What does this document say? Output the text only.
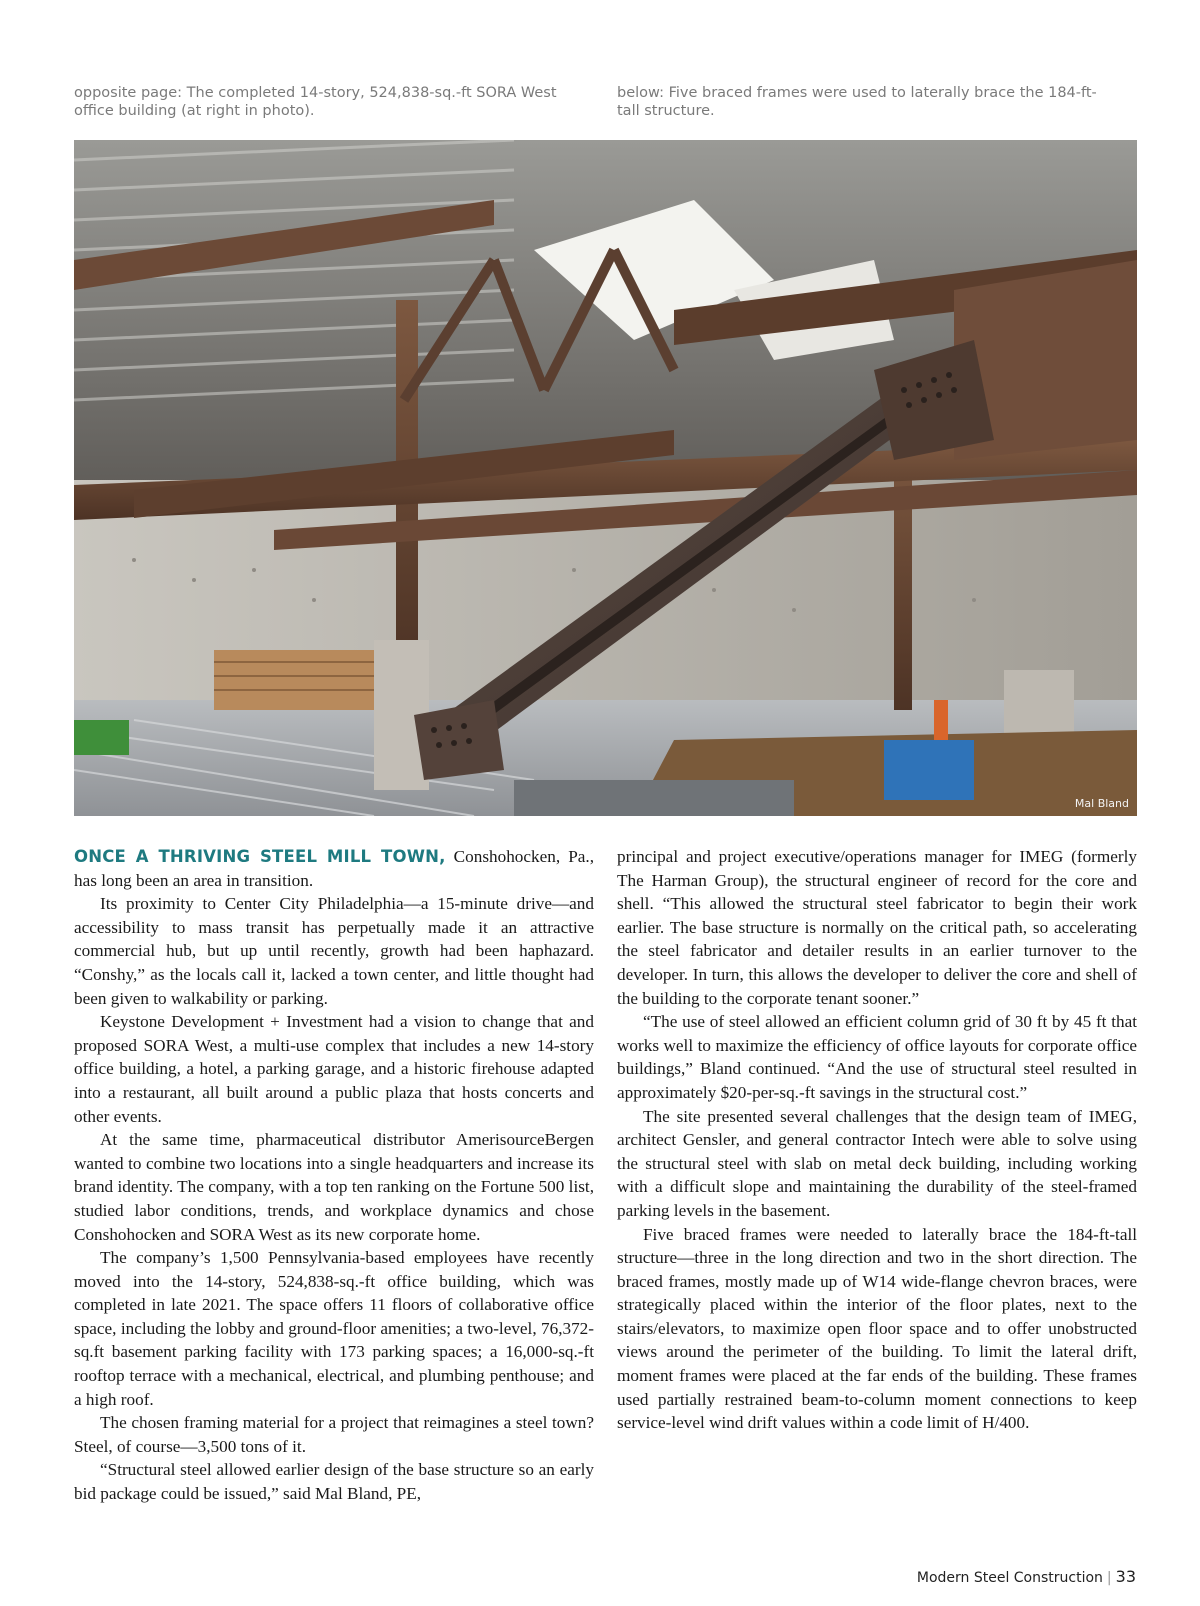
opposite page: The completed 14-story, 524,838-sq.-ft SORA West office building (at right in photo).
below: Five braced frames were used to laterally brace the 184-ft-tall structure.
Mal Bland

ONCE A THRIVING STEEL MILL TOWN, Conshohocken, Pa., has long been an area in transition.

Its proximity to Center City Philadelphia—a 15-minute drive—and accessibility to mass transit has perpetually made it an attractive commercial hub, but up until recently, growth had been haphazard. “Conshy,” as the locals call it, lacked a town center, and little thought had been given to walkability or parking.

Keystone Development + Investment had a vision to change that and proposed SORA West, a multi-use complex that includes a new 14-story office building, a hotel, a parking garage, and a historic firehouse adapted into a restaurant, all built around a public plaza that hosts concerts and other events.

At the same time, pharmaceutical distributor AmerisourceBergen wanted to combine two locations into a single headquarters and increase its brand identity. The company, with a top ten ranking on the Fortune 500 list, studied labor conditions, trends, and workplace dynamics and chose Conshohocken and SORA West as its new corporate home.

The company’s 1,500 Pennsylvania-based employees have recently moved into the 14-story, 524,838-sq.-ft office building, which was completed in late 2021. The space offers 11 floors of collaborative office space, including the lobby and ground-floor amenities; a two-level, 76,372-sq.ft basement parking facility with 173 parking spaces; a 16,000-sq.-ft rooftop terrace with a mechanical, electrical, and plumbing penthouse; and a high roof.

The chosen framing material for a project that reimagines a steel town? Steel, of course—3,500 tons of it.

“Structural steel allowed earlier design of the base structure so an early bid package could be issued,” said Mal Bland, PE,

principal and project executive/operations manager for IMEG (formerly The Harman Group), the structural engineer of record for the core and shell. “This allowed the structural steel fabricator to begin their work earlier. The base structure is normally on the critical path, so accelerating the steel fabricator and detailer results in an earlier turnover to the developer. In turn, this allows the developer to deliver the core and shell of the building to the corporate tenant sooner.”

“The use of steel allowed an efficient column grid of 30 ft by 45 ft that works well to maximize the efficiency of office layouts for corporate office buildings,” Bland continued. “And the use of structural steel resulted in approximately $20-per-sq.-ft savings in the structural cost.”

The site presented several challenges that the design team of IMEG, architect Gensler, and general contractor Intech were able to solve using the structural steel with slab on metal deck building, including working with a difficult slope and maintaining the durability of the steel-framed parking levels in the basement.

Five braced frames were needed to laterally brace the 184-ft-tall structure—three in the long direction and two in the short direction. The braced frames, mostly made up of W14 wide-flange chevron braces, were strategically placed within the interior of the floor plates, next to the stairs/elevators, to maximize open floor space and to offer unobstructed views around the perimeter of the building. To limit the lateral drift, moment frames were placed at the far ends of the building. These frames used partially restrained beam-to-column moment connections to keep service-level wind drift values within a code limit of H/400.

Modern Steel Construction | 33
